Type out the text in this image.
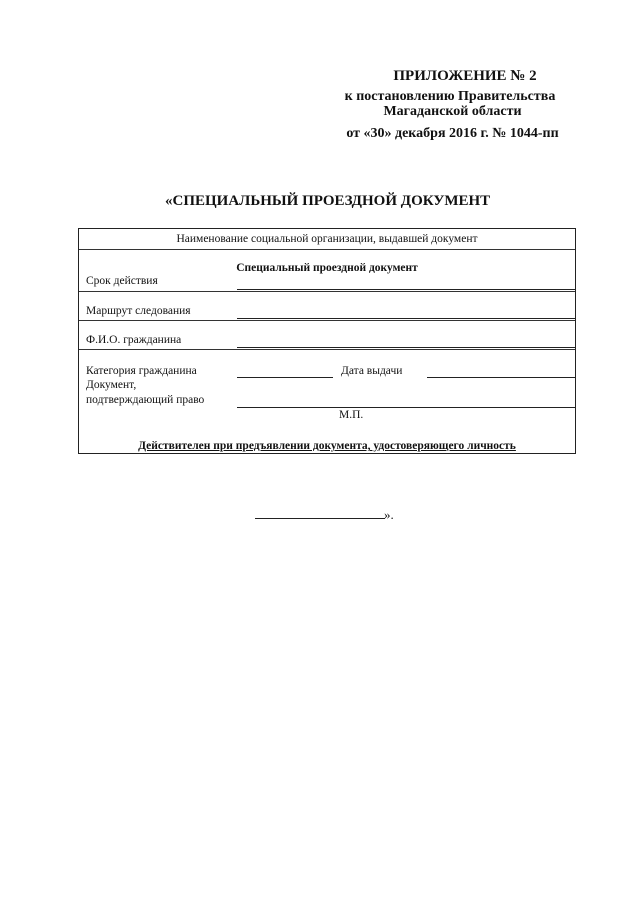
ПРИЛОЖЕНИЕ № 2
к постановлению Правительства
Магаданской области
от «30» декабря 2016 г. № 1044-пп
«СПЕЦИАЛЬНЫЙ ПРОЕЗДНОЙ ДОКУМЕНТ
Наименование социальной организации, выдавшей документ
Специальный проездной документ
Срок действия
Маршрут следования
Ф.И.О. гражданина
Категория гражданина	Дата выдачи
Документ,
подтверждающий право
М.П.
Действителен при предъявлении документа, удостоверяющего личность
».
